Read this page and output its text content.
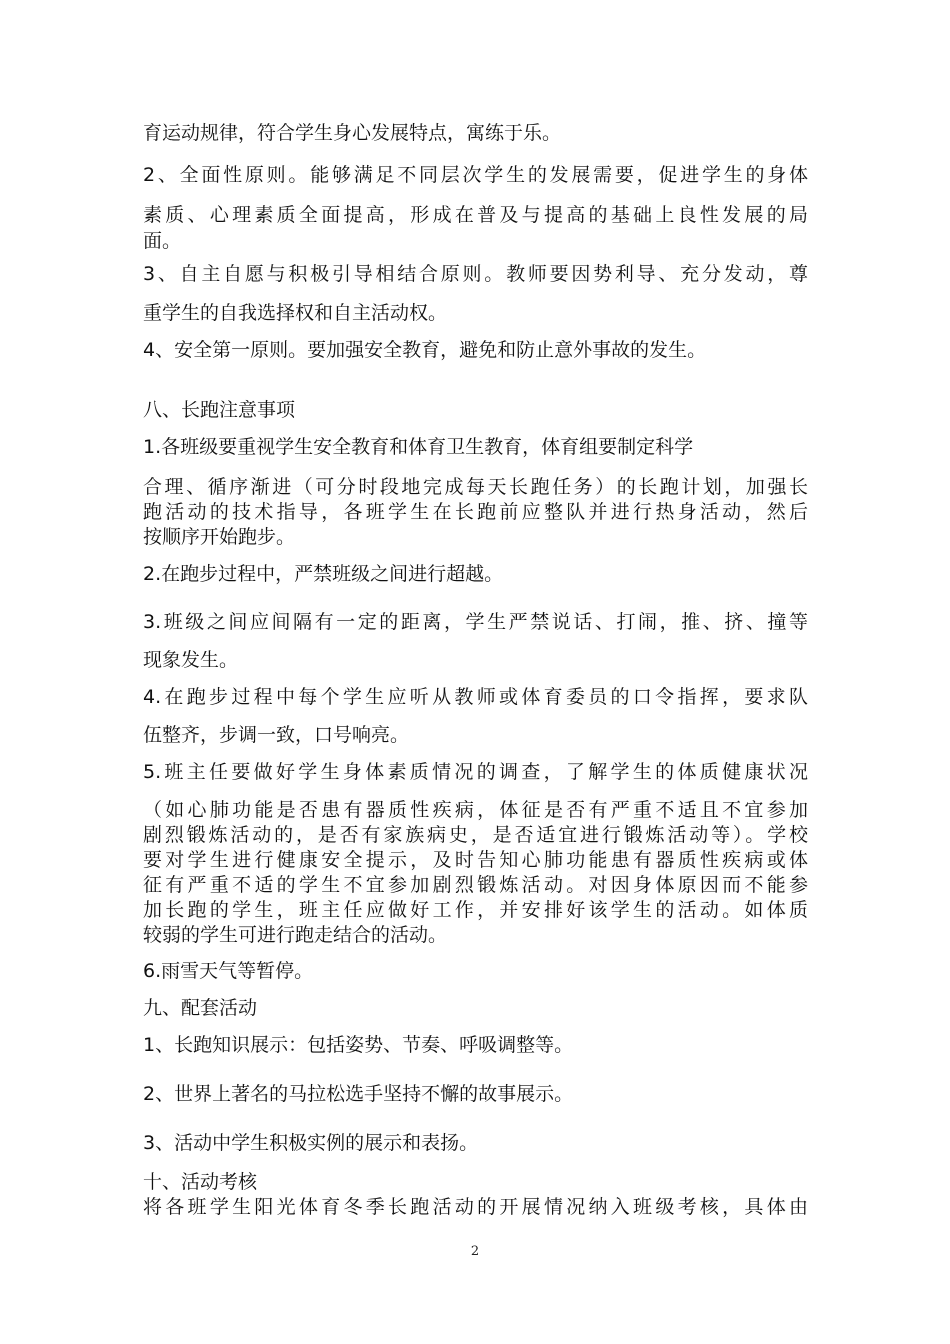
育运动规律，符合学生身心发展特点，寓练于乐。
2、全面性原则。能够满足不同层次学生的发展需要，促进学生的身体
素质、心理素质全面提高，形成在普及与提高的基础上良性发展的局
面。
3、自主自愿与积极引导相结合原则。教师要因势利导、充分发动，尊
重学生的自我选择权和自主活动权。
4、安全第一原则。要加强安全教育，避免和防止意外事故的发生。
八、长跑注意事项
1.各班级要重视学生安全教育和体育卫生教育，体育组要制定科学
合理、循序渐进（可分时段地完成每天长跑任务）的长跑计划，加强长
跑活动的技术指导，各班学生在长跑前应整队并进行热身活动，然后
按顺序开始跑步。
2.在跑步过程中，严禁班级之间进行超越。
3.班级之间应间隔有一定的距离，学生严禁说话、打闹，推、挤、撞等
现象发生。
4.在跑步过程中每个学生应听从教师或体育委员的口令指挥，要求队
伍整齐，步调一致，口号响亮。
5.班主任要做好学生身体素质情况的调查，了解学生的体质健康状况
（如心肺功能是否患有器质性疾病，体征是否有严重不适且不宜参加
剧烈锻炼活动的，是否有家族病史，是否适宜进行锻炼活动等）。学校
要对学生进行健康安全提示，及时告知心肺功能患有器质性疾病或体
征有严重不适的学生不宜参加剧烈锻炼活动。对因身体原因而不能参
加长跑的学生，班主任应做好工作，并安排好该学生的活动。如体质
较弱的学生可进行跑走结合的活动。
6.雨雪天气等暂停。
九、配套活动
1、长跑知识展示：包括姿势、节奏、呼吸调整等。
2、世界上著名的马拉松选手坚持不懈的故事展示。
3、活动中学生积极实例的展示和表扬。
十、活动考核
将各班学生阳光体育冬季长跑活动的开展情况纳入班级考核，具体由
2
